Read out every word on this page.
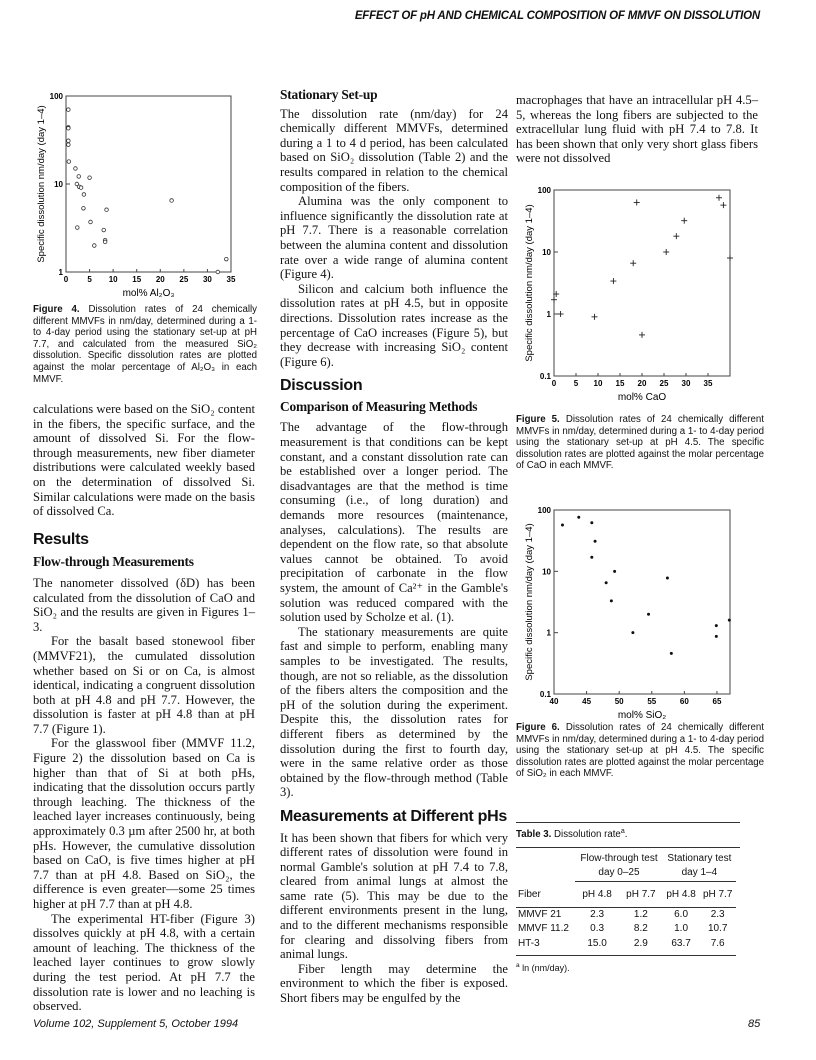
EFFECT OF pH AND CHEMICAL COMPOSITION OF MMVF ON DISSOLUTION
1
10
100
0 5 10 15 20 25 30 35
mol% Al₂O₃
Specific dissolution nm/day (day 1–4)
Figure 4. Dissolution rates of 24 chemically different MMVFs in nm/day, determined during a 1- to 4-day period using the stationary set-up at pH 7.7, and calculated from the measured SiO₂ dissolution. Specific dissolution rates are plotted against the molar percentage of Al₂O₃ in each MMVF.

calculations were based on the SiO₂ content in the fibers, the specific surface, and the amount of dissolved Si. For the flow-through measurements, new fiber diameter distributions were calculated weekly based on the determination of dissolved Si. Similar calculations were made on the basis of dissolved Ca.

Results
Flow-through Measurements

The nanometer dissolved (δD) has been calculated from the dissolution of CaO and SiO₂ and the results are given in Figures 1–3.

For the basalt based stonewool fiber (MMVF21), the cumulated dissolution whether based on Si or on Ca, is almost identical, indicating a congruent dissolution both at pH 4.8 and pH 7.7. However, the dissolution is faster at pH 4.8 than at pH 7.7 (Figure 1).

For the glasswool fiber (MMVF 11.2, Figure 2) the dissolution based on Ca is higher than that of Si at both pHs, indicating that the dissolution occurs partly through leaching. The thickness of the leached layer increases continuously, being approximately 0.3 µm after 2500 hr, at both pHs. However, the cumulative dissolution based on CaO, is five times higher at pH 7.7 than at pH 4.8. Based on SiO₂, the difference is even greater—some 25 times higher at pH 7.7 than at pH 4.8.

The experimental HT-fiber (Figure 3) dissolves quickly at pH 4.8, with a certain amount of leaching. The thickness of the leached layer continues to grow slowly during the test period. At pH 7.7 the dissolution rate is lower and no leaching is observed.

Stationary Set-up

The dissolution rate (nm/day) for 24 chemically different MMVFs, determined during a 1 to 4 d period, has been calculated based on SiO₂ dissolution (Table 2) and the results compared in relation to the chemical composition of the fibers.

Alumina was the only component to influence significantly the dissolution rate at pH 7.7. There is a reasonable correlation between the alumina content and dissolution rate over a wide range of alumina content (Figure 4).

Silicon and calcium both influence the dissolution rates at pH 4.5, but in opposite directions. Dissolution rates increase as the percentage of CaO increases (Figure 5), but they decrease with increasing SiO₂ content (Figure 6).

Discussion
Comparison of Measuring Methods

The advantage of the flow-through measurement is that conditions can be kept constant, and a constant dissolution rate can be established over a longer period. The disadvantages are that the method is time consuming (i.e., of long duration) and demands more resources (maintenance, analyses, calculations). The results are dependent on the flow rate, so that absolute values cannot be obtained. To avoid precipitation of carbonate in the flow system, the amount of Ca²⁺ in the Gamble's solution was reduced compared with the solution used by Scholze et al. (1).

The stationary measurements are quite fast and simple to perform, enabling many samples to be investigated. The results, though, are not so reliable, as the dissolution of the fibers alters the composition and the pH of the solution during the experiment. Despite this, the dissolution rates for different fibers as determined by the dissolution during the first to fourth day, were in the same relative order as those obtained by the flow-through method (Table 3).

Measurements at Different pHs

It has been shown that fibers for which very different rates of dissolution were found in normal Gamble's solution at pH 7.4 to 7.8, cleared from animal lungs at almost the same rate (5). This may be due to the different environments present in the lung, and to the different mechanisms responsible for clearing and dissolving fibers from animal lungs.

Fiber length may determine the environment to which the fiber is exposed. Short fibers may be engulfed by the

macrophages that have an intracellular pH 4.5–5, whereas the long fibers are subjected to the extracellular lung fluid with pH 7.4 to 7.8. It has been shown that only very short glass fibers were not dissolved

0.1
1
10
100
0 5 10 15 20 25 30 35
mol% CaO
Specific dissolution nm/day (day 1–4)
Figure 5. Dissolution rates of 24 chemically different MMVFs in nm/day, determined during a 1- to 4-day period using the stationary set-up at pH 4.5. The specific dissolution rates are plotted against the molar percentage of CaO in each MMVF.
0.1
1
10
100
40	45	50	55	60	65
mol% SiO₂
Specific dissolution nm/day (day 1–4)
Figure 6. Dissolution rates of 24 chemically different MMVFs in nm/day, determined during a 1- to 4-day period using the stationary set-up at pH 4.5. The specific dissolution rates are plotted against the molar percentage of SiO₂ in each MMVF.
Table 3. Dissolution rate$^a$.

Flow-through test
day 0–25

Stationary test
day 1–4

Fiber	pH 4.8	pH 7.7	pH 4.8	pH 7.7

MMVF 21	2.3	1.2	6.0	2.3
MMVF 11.2	0.3	8.2	1.0	10.7
HT-3	15.0	2.9	63.7	7.6

$^a$ ln (nm/day).
Volume 102, Supplement 5, October 1994	85
